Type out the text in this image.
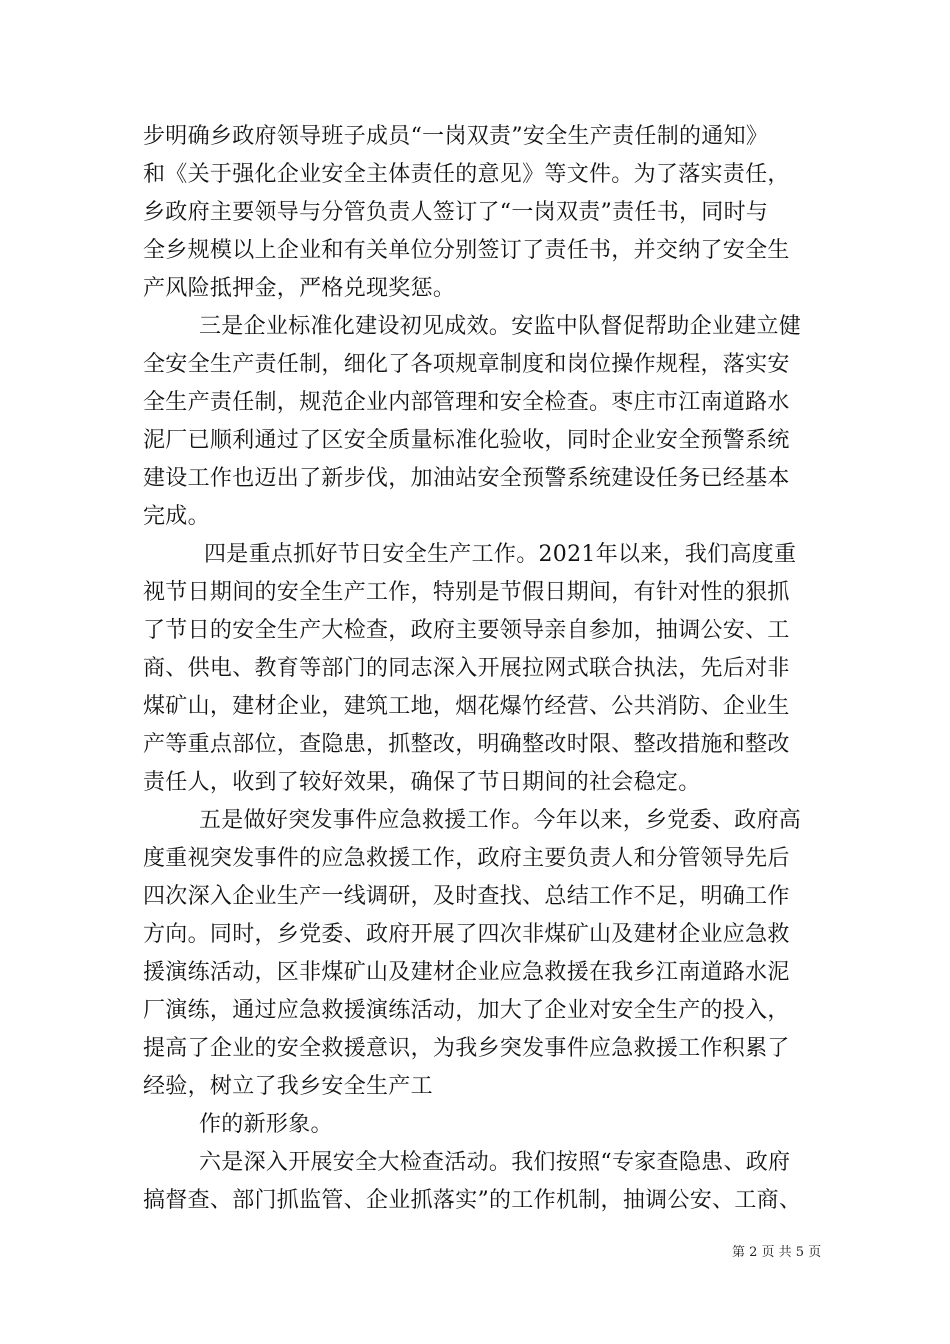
步明确乡政府领导班子成员“一岗双责”安全生产责任制的通知》
和《关于强化企业安全主体责任的意见》等文件。为了落实责任，
乡政府主要领导与分管负责人签订了“一岗双责”责任书，同时与
全乡规模以上企业和有关单位分别签订了责任书，并交纳了安全生
产风险抵押金，严格兑现奖惩。
三是企业标准化建设初见成效。安监中队督促帮助企业建立健
全安全生产责任制，细化了各项规章制度和岗位操作规程，落实安
全生产责任制，规范企业内部管理和安全检查。枣庄市江南道路水
泥厂已顺利通过了区安全质量标准化验收，同时企业安全预警系统
建设工作也迈出了新步伐，加油站安全预警系统建设任务已经基本
完成。
四是重点抓好节日安全生产工作。2021年以来，我们高度重
视节日期间的安全生产工作，特别是节假日期间，有针对性的狠抓
了节日的安全生产大检查，政府主要领导亲自参加，抽调公安、工
商、供电、教育等部门的同志深入开展拉网式联合执法，先后对非
煤矿山，建材企业，建筑工地，烟花爆竹经营、公共消防、企业生
产等重点部位，查隐患，抓整改，明确整改时限、整改措施和整改
责任人，收到了较好效果，确保了节日期间的社会稳定。
五是做好突发事件应急救援工作。今年以来，乡党委、政府高
度重视突发事件的应急救援工作，政府主要负责人和分管领导先后
四次深入企业生产一线调研，及时查找、总结工作不足，明确工作
方向。同时，乡党委、政府开展了四次非煤矿山及建材企业应急救
援演练活动，区非煤矿山及建材企业应急救援在我乡江南道路水泥
厂演练，通过应急救援演练活动，加大了企业对安全生产的投入，
提高了企业的安全救援意识，为我乡突发事件应急救援工作积累了
经验，树立了我乡安全生产工
作的新形象。
六是深入开展安全大检查活动。我们按照“专家查隐患、政府
搞督查、部门抓监管、企业抓落实”的工作机制，抽调公安、工商、
第 2 页 共 5 页
